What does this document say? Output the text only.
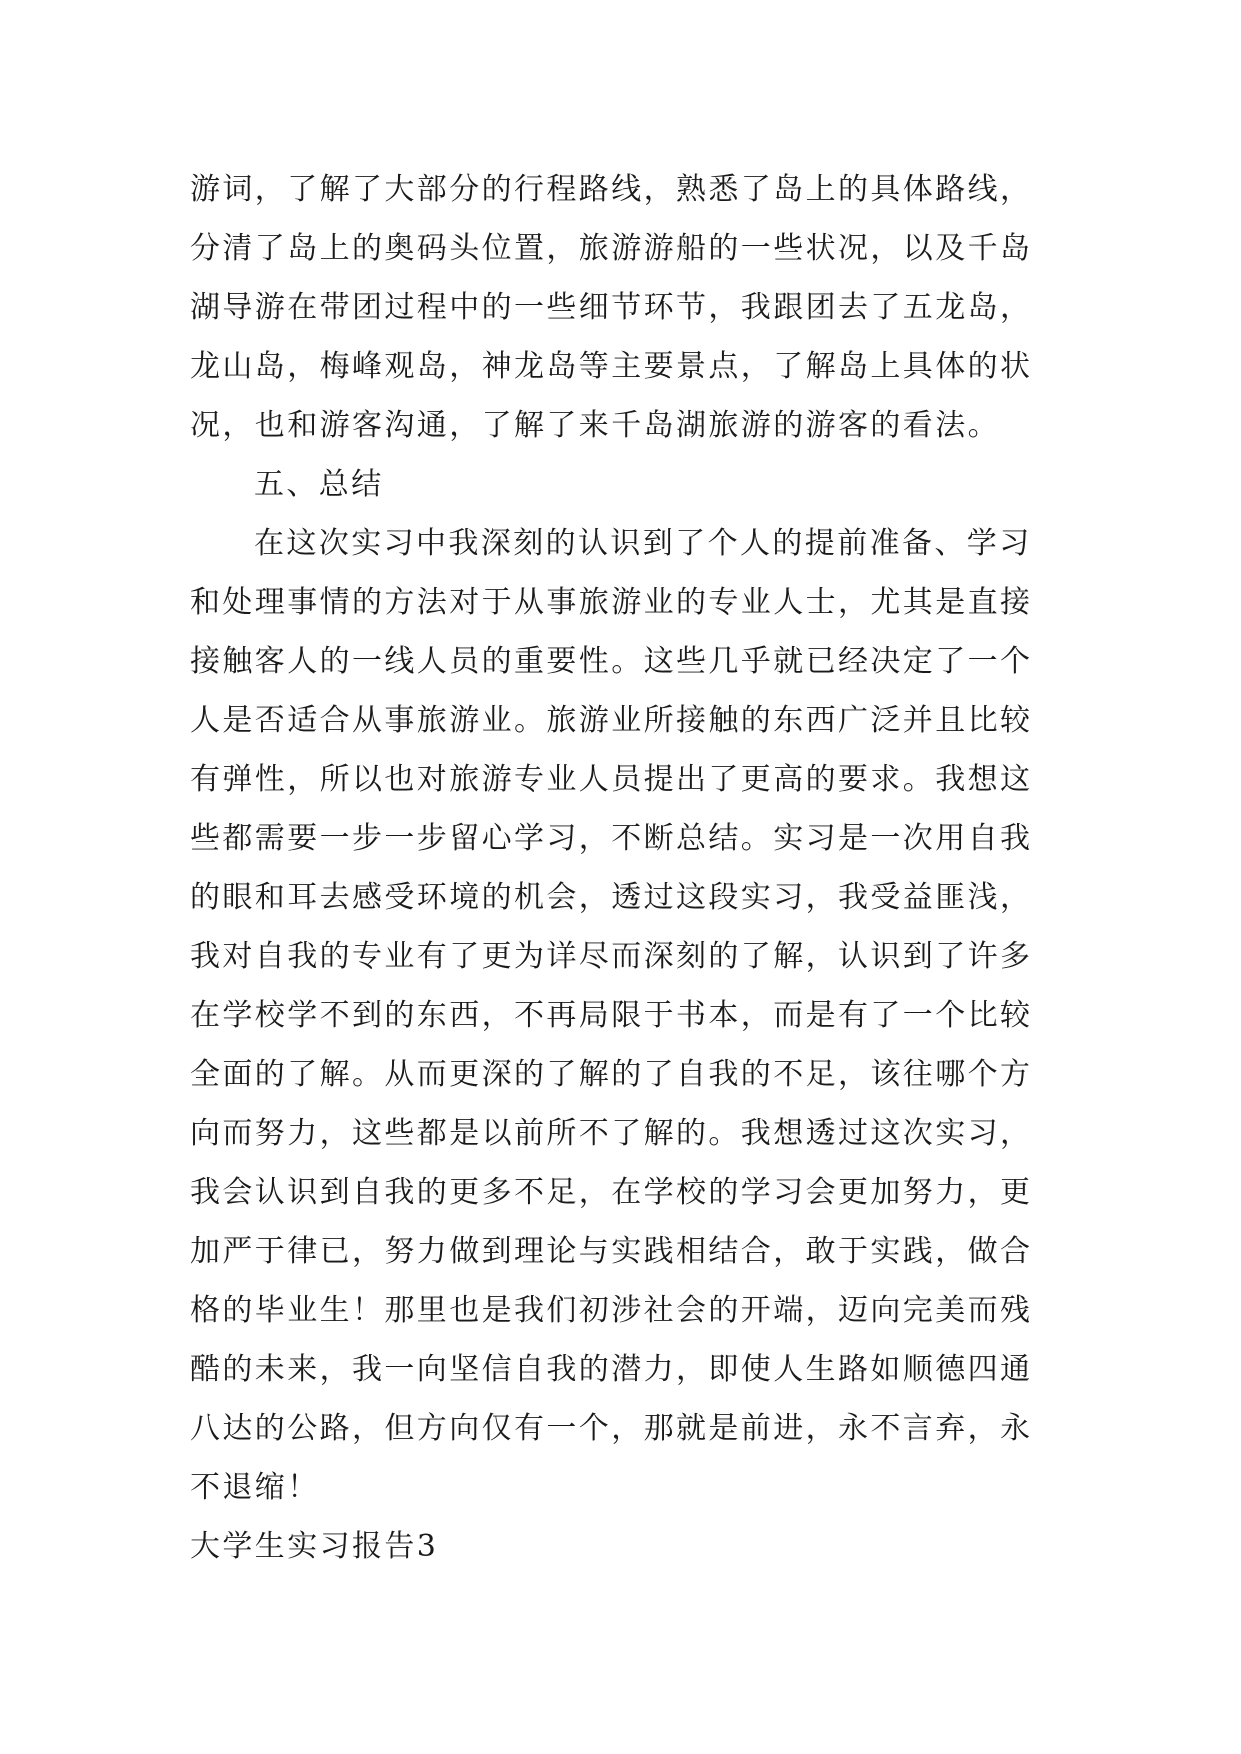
游词，了解了大部分的行程路线，熟悉了岛上的具体路线，
分清了岛上的奥码头位置，旅游游船的一些状况，以及千岛
湖导游在带团过程中的一些细节环节，我跟团去了五龙岛，
龙山岛，梅峰观岛，神龙岛等主要景点，了解岛上具体的状
况，也和游客沟通，了解了来千岛湖旅游的游客的看法。
五、总结
在这次实习中我深刻的认识到了个人的提前准备、学习
和处理事情的方法对于从事旅游业的专业人士，尤其是直接
接触客人的一线人员的重要性。这些几乎就已经决定了一个
人是否适合从事旅游业。旅游业所接触的东西广泛并且比较
有弹性，所以也对旅游专业人员提出了更高的要求。我想这
些都需要一步一步留心学习，不断总结。实习是一次用自我
的眼和耳去感受环境的机会，透过这段实习，我受益匪浅，
我对自我的专业有了更为详尽而深刻的了解，认识到了许多
在学校学不到的东西，不再局限于书本，而是有了一个比较
全面的了解。从而更深的了解的了自我的不足，该往哪个方
向而努力，这些都是以前所不了解的。我想透过这次实习，
我会认识到自我的更多不足，在学校的学习会更加努力，更
加严于律已，努力做到理论与实践相结合，敢于实践，做合
格的毕业生！那里也是我们初涉社会的开端，迈向完美而残
酷的未来，我一向坚信自我的潜力，即使人生路如顺德四通
八达的公路，但方向仅有一个，那就是前进，永不言弃，永
不退缩！
大学生实习报告3
